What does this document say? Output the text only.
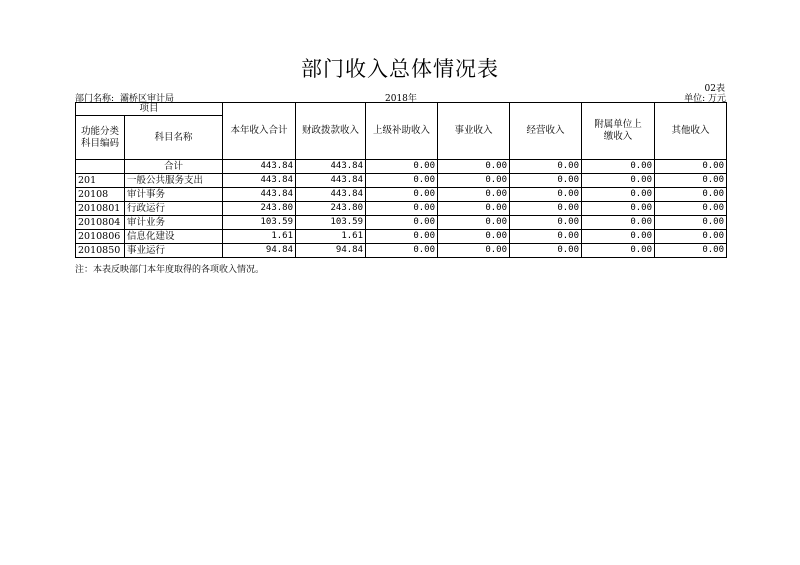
部门收入总体情况表
02表
部门名称: 灞桥区审计局	2018年	单位: 万元
项目		本年收入合计	财政拨款收入	上级补助收入	事业收入	经营收入	附属单位上缴收入	其他收入
功能分类科目编码	科目名称							
	合计	443.84	443.84	0.00	0.00	0.00	0.00	0.00
201	一般公共服务支出	443.84	443.84	0.00	0.00	0.00	0.00	0.00
20108	审计事务	443.84	443.84	0.00	0.00	0.00	0.00	0.00
2010801	行政运行	243.80	243.80	0.00	0.00	0.00	0.00	0.00
2010804	审计业务	103.59	103.59	0.00	0.00	0.00	0.00	0.00
2010806	信息化建设	1.61	1.61	0.00	0.00	0.00	0.00	0.00
2010850	事业运行	94.84	94.84	0.00	0.00	0.00	0.00	0.00
注：本表反映部门本年度取得的各项收入情况。
